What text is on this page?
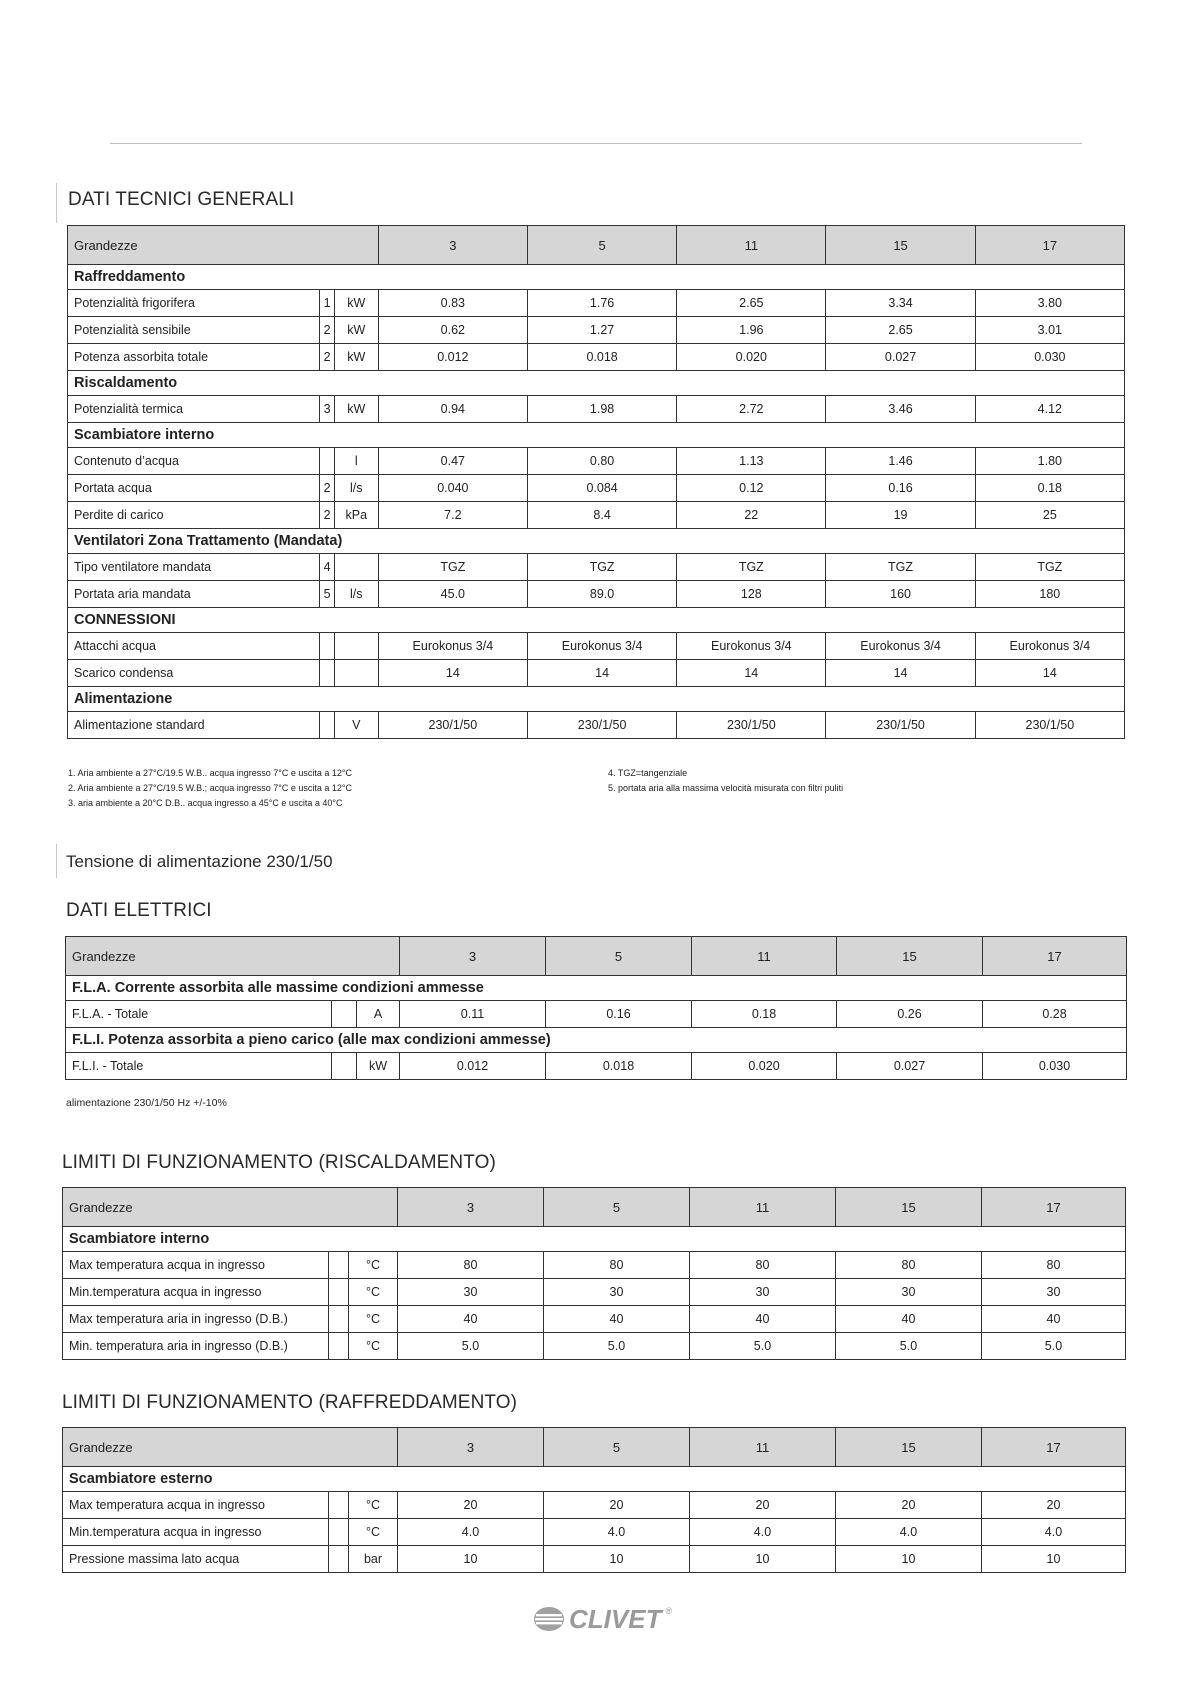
DATI TECNICI GENERALI
Grandezze			3	5	11	15	17
Raffreddamento							
Potenzialità frigorifera	1	kW	0.83	1.76	2.65	3.34	3.80
Potenzialità sensibile	2	kW	0.62	1.27	1.96	2.65	3.01
Potenza assorbita totale	2	kW	0.012	0.018	0.020	0.027	0.030
Riscaldamento							
Potenzialità termica	3	kW	0.94	1.98	2.72	3.46	4.12
Scambiatore interno							
Contenuto d’acqua		l	0.47	0.80	1.13	1.46	1.80
Portata acqua	2	l/s	0.040	0.084	0.12	0.16	0.18
Perdite di carico	2	kPa	7.2	8.4	22	19	25
Ventilatori Zona Trattamento (Mandata)							
Tipo ventilatore mandata	4		TGZ	TGZ	TGZ	TGZ	TGZ
Portata aria mandata	5	l/s	45.0	89.0	128	160	180
CONNESSIONI							
Attacchi acqua			Eurokonus 3/4	Eurokonus 3/4	Eurokonus 3/4	Eurokonus 3/4	Eurokonus 3/4
Scarico condensa			14	14	14	14	14
Alimentazione							
Alimentazione standard		V	230/1/50	230/1/50	230/1/50	230/1/50	230/1/50
1. Aria ambiente a 27°C/19.5 W.B.. acqua ingresso 7°C e uscita a 12°C
2. Aria ambiente a 27°C/19.5 W.B.; acqua ingresso 7°C e uscita a 12°C
3. aria ambiente a 20°C D.B.. acqua ingresso a 45°C e uscita a 40°C
4. TGZ=tangenziale
5. portata aria alla massima velocità misurata con filtri puliti
Tensione di alimentazione 230/1/50
DATI ELETTRICI
Grandezze			3	5	11	15	17
F.L.A. Corrente assorbita alle massime condizioni ammesse							
F.L.A. - Totale		A	0.11	0.16	0.18	0.26	0.28
F.L.I. Potenza assorbita a pieno carico (alle max condizioni ammesse)							
F.L.I. - Totale		kW	0.012	0.018	0.020	0.027	0.030
alimentazione 230/1/50 Hz +/-10%
LIMITI DI FUNZIONAMENTO (RISCALDAMENTO)
Grandezze			3	5	11	15	17
Scambiatore interno							
Max temperatura acqua in ingresso		°C	80	80	80	80	80
Min.temperatura acqua in ingresso		°C	30	30	30	30	30
Max temperatura aria in ingresso (D.B.)		°C	40	40	40	40	40
Min. temperatura aria in ingresso (D.B.)		°C	5.0	5.0	5.0	5.0	5.0
LIMITI DI FUNZIONAMENTO (RAFFREDDAMENTO)
Grandezze			3	5	11	15	17
Scambiatore esterno							
Max temperatura acqua in ingresso		°C	20	20	20	20	20
Min.temperatura acqua in ingresso		°C	4.0	4.0	4.0	4.0	4.0
Pressione massima lato acqua		bar	10	10	10	10	10
CLIVET ®
